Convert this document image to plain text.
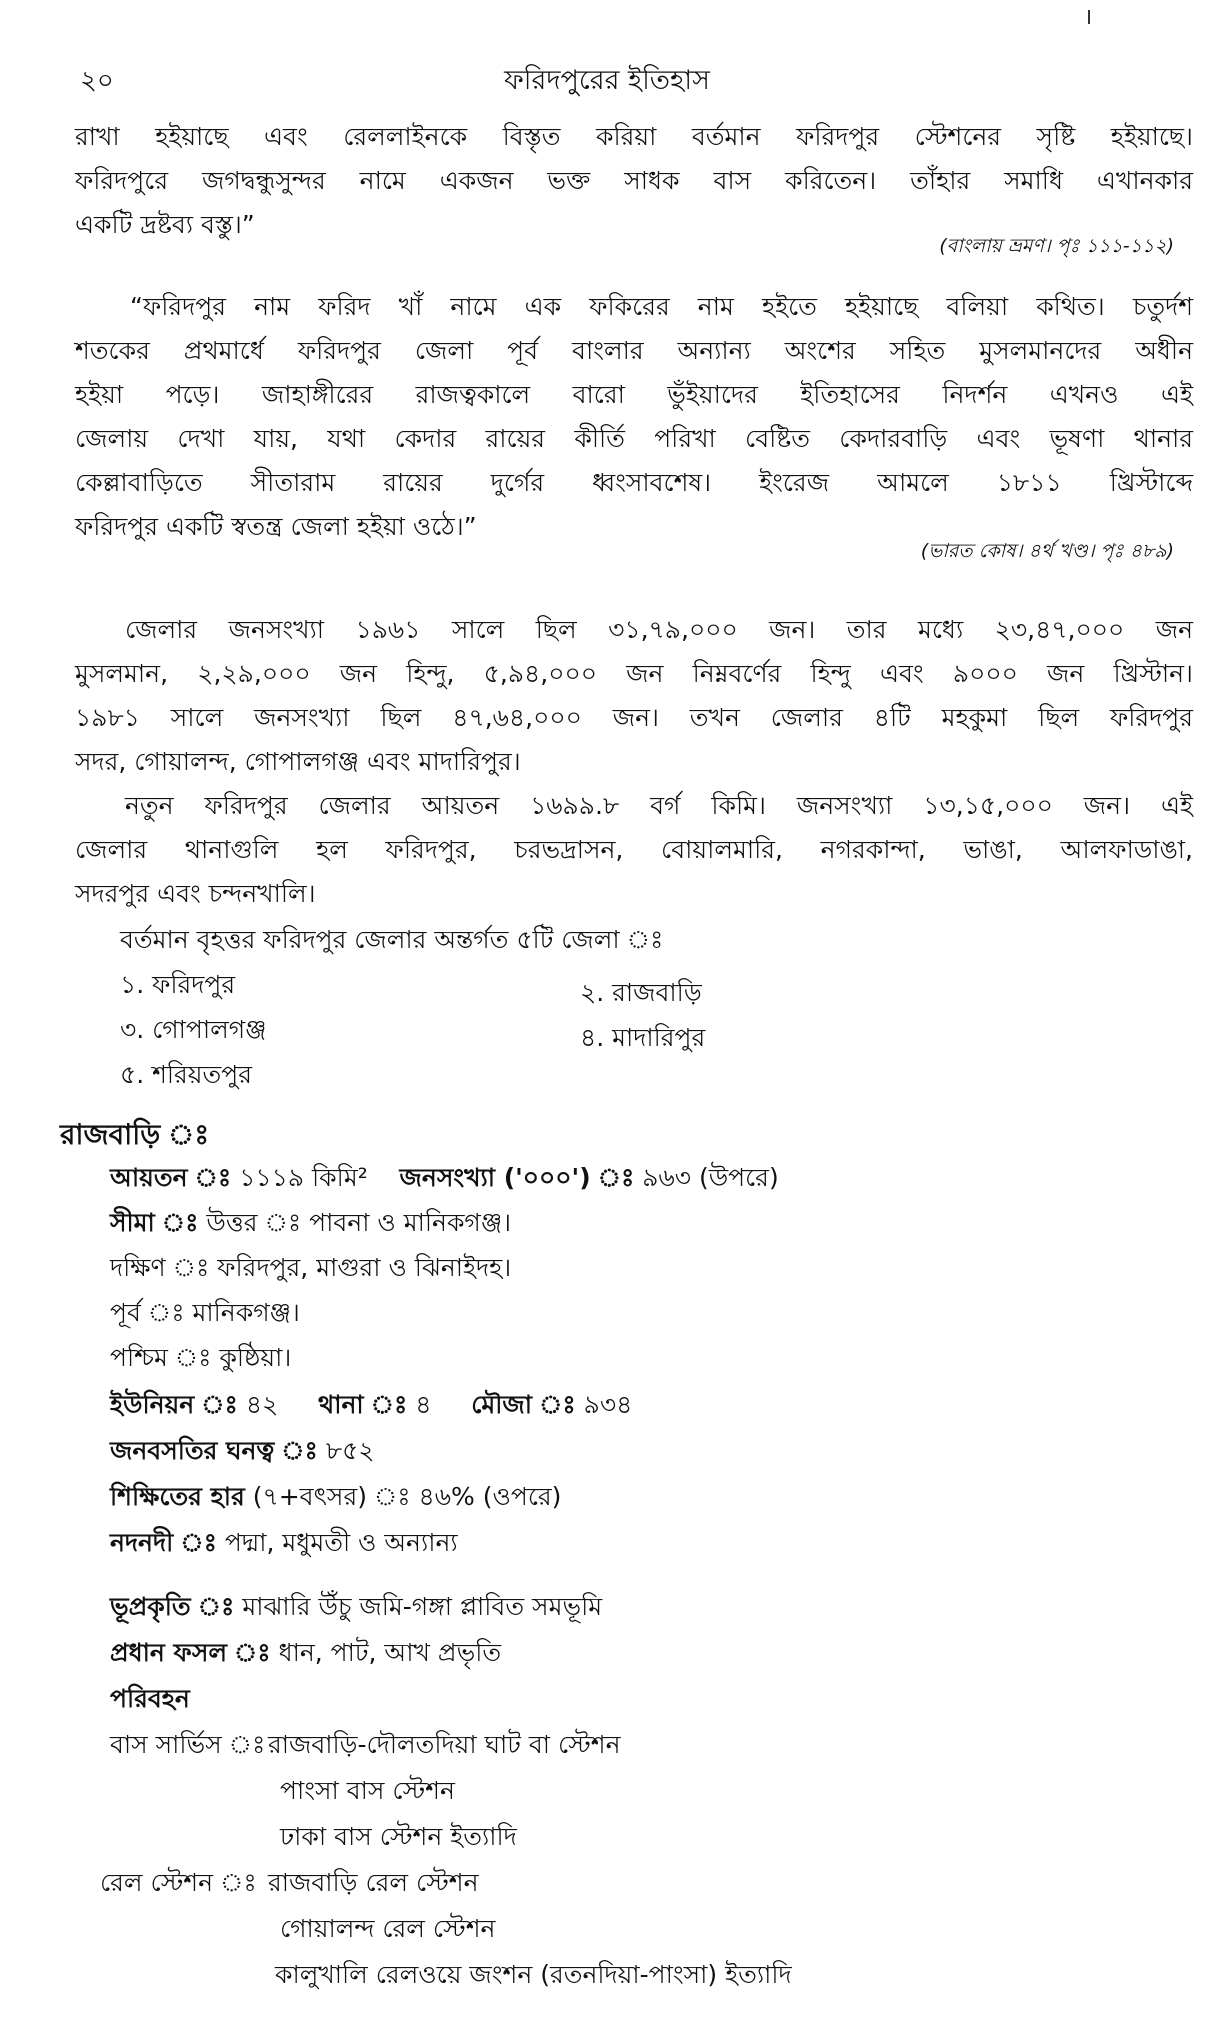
২০	ফরিদপুরের ইতিহাস
রাখা হইয়াছে এবং রেললাইনকে বিস্তৃত করিয়া বর্তমান ফরিদপুর স্টেশনের সৃষ্টি হইয়াছে।
ফরিদপুরে জগদ্বন্ধুসুন্দর নামে একজন ভক্ত সাধক বাস করিতেন। তাঁহার সমাধি এখানকার
একটি দ্রষ্টব্য বস্তু।”
(বাংলায় ভ্রমণ। পৃঃ ১১১-১১২)
“ফরিদপুর নাম ফরিদ খাঁ নামে এক ফকিরের নাম হইতে হইয়াছে বলিয়া কথিত। চতুর্দশ
শতকের প্রথমার্ধে ফরিদপুর জেলা পূর্ব বাংলার অন্যান্য অংশের সহিত মুসলমানদের অধীন
হইয়া পড়ে। জাহাঙ্গীরের রাজত্বকালে বারো ভুঁইয়াদের ইতিহাসের নিদর্শন এখনও এই
জেলায় দেখা যায়, যথা কেদার রায়ের কীর্তি পরিখা বেষ্টিত কেদারবাড়ি এবং ভূষণা থানার
কেল্লাবাড়িতে সীতারাম রায়ের দুর্গের ধ্বংসাবশেষ। ইংরেজ আমলে ১৮১১ খ্রিস্টাব্দে
ফরিদপুর একটি স্বতন্ত্র জেলা হইয়া ওঠে।”
(ভারত কোষ। ৪র্থ খণ্ড। পৃঃ ৪৮৯)
জেলার জনসংখ্যা ১৯৬১ সালে ছিল ৩১,৭৯,০০০ জন। তার মধ্যে ২৩,৪৭,০০০ জন
মুসলমান, ২,২৯,০০০ জন হিন্দু, ৫,৯৪,০০০ জন নিম্নবর্ণের হিন্দু এবং ৯০০০ জন খ্রিস্টান।
১৯৮১ সালে জনসংখ্যা ছিল ৪৭,৬৪,০০০ জন। তখন জেলার ৪টি মহকুমা ছিল ফরিদপুর
সদর, গোয়ালন্দ, গোপালগঞ্জ এবং মাদারিপুর।
নতুন ফরিদপুর জেলার আয়তন ১৬৯৯.৮ বর্গ কিমি। জনসংখ্যা ১৩,১৫,০০০ জন। এই
জেলার থানাগুলি হল ফরিদপুর, চরভদ্রাসন, বোয়ালমারি, নগরকান্দা, ভাঙা, আলফাডাঙা,
সদরপুর এবং চন্দনখালি।
বর্তমান বৃহত্তর ফরিদপুর জেলার অন্তর্গত ৫টি জেলা ঃ
১. ফরিদপুর	২. রাজবাড়ি
৩. গোপালগঞ্জ	৪. মাদারিপুর
৫. শরিয়তপুর
রাজবাড়ি ঃ
আয়তন ঃ ১১১৯ কিমি² জনসংখ্যা ('০০০') ঃ ৯৬৩ (উপরে)
সীমা ঃ উত্তর ঃ পাবনা ও মানিকগঞ্জ।
দক্ষিণ ঃ ফরিদপুর, মাগুরা ও ঝিনাইদহ।
পূর্ব ঃ মানিকগঞ্জ।
পশ্চিম ঃ কুষ্ঠিয়া।
ইউনিয়ন ঃ ৪২ থানা ঃ ৪ মৌজা ঃ ৯৩৪
জনবসতির ঘনত্ব ঃ ৮৫২
শিক্ষিতের হার (৭+বৎসর) ঃ ৪৬% (ওপরে)
নদনদী ঃ পদ্মা, মধুমতী ও অন্যান্য
ভূপ্রকৃতি ঃ মাঝারি উঁচু জমি-গঙ্গা প্লাবিত সমভূমি
প্রধান ফসল ঃ ধান, পাট, আখ প্রভৃতি
পরিবহন
বাস সার্ভিস ঃ রাজবাড়ি-দৌলতদিয়া ঘাট বা স্টেশন
পাংসা বাস স্টেশন
ঢাকা বাস স্টেশন ইত্যাদি
রেল স্টেশন ঃ রাজবাড়ি রেল স্টেশন
গোয়ালন্দ রেল স্টেশন
কালুখালি রেলওয়ে জংশন (রতনদিয়া-পাংসা) ইত্যাদি
